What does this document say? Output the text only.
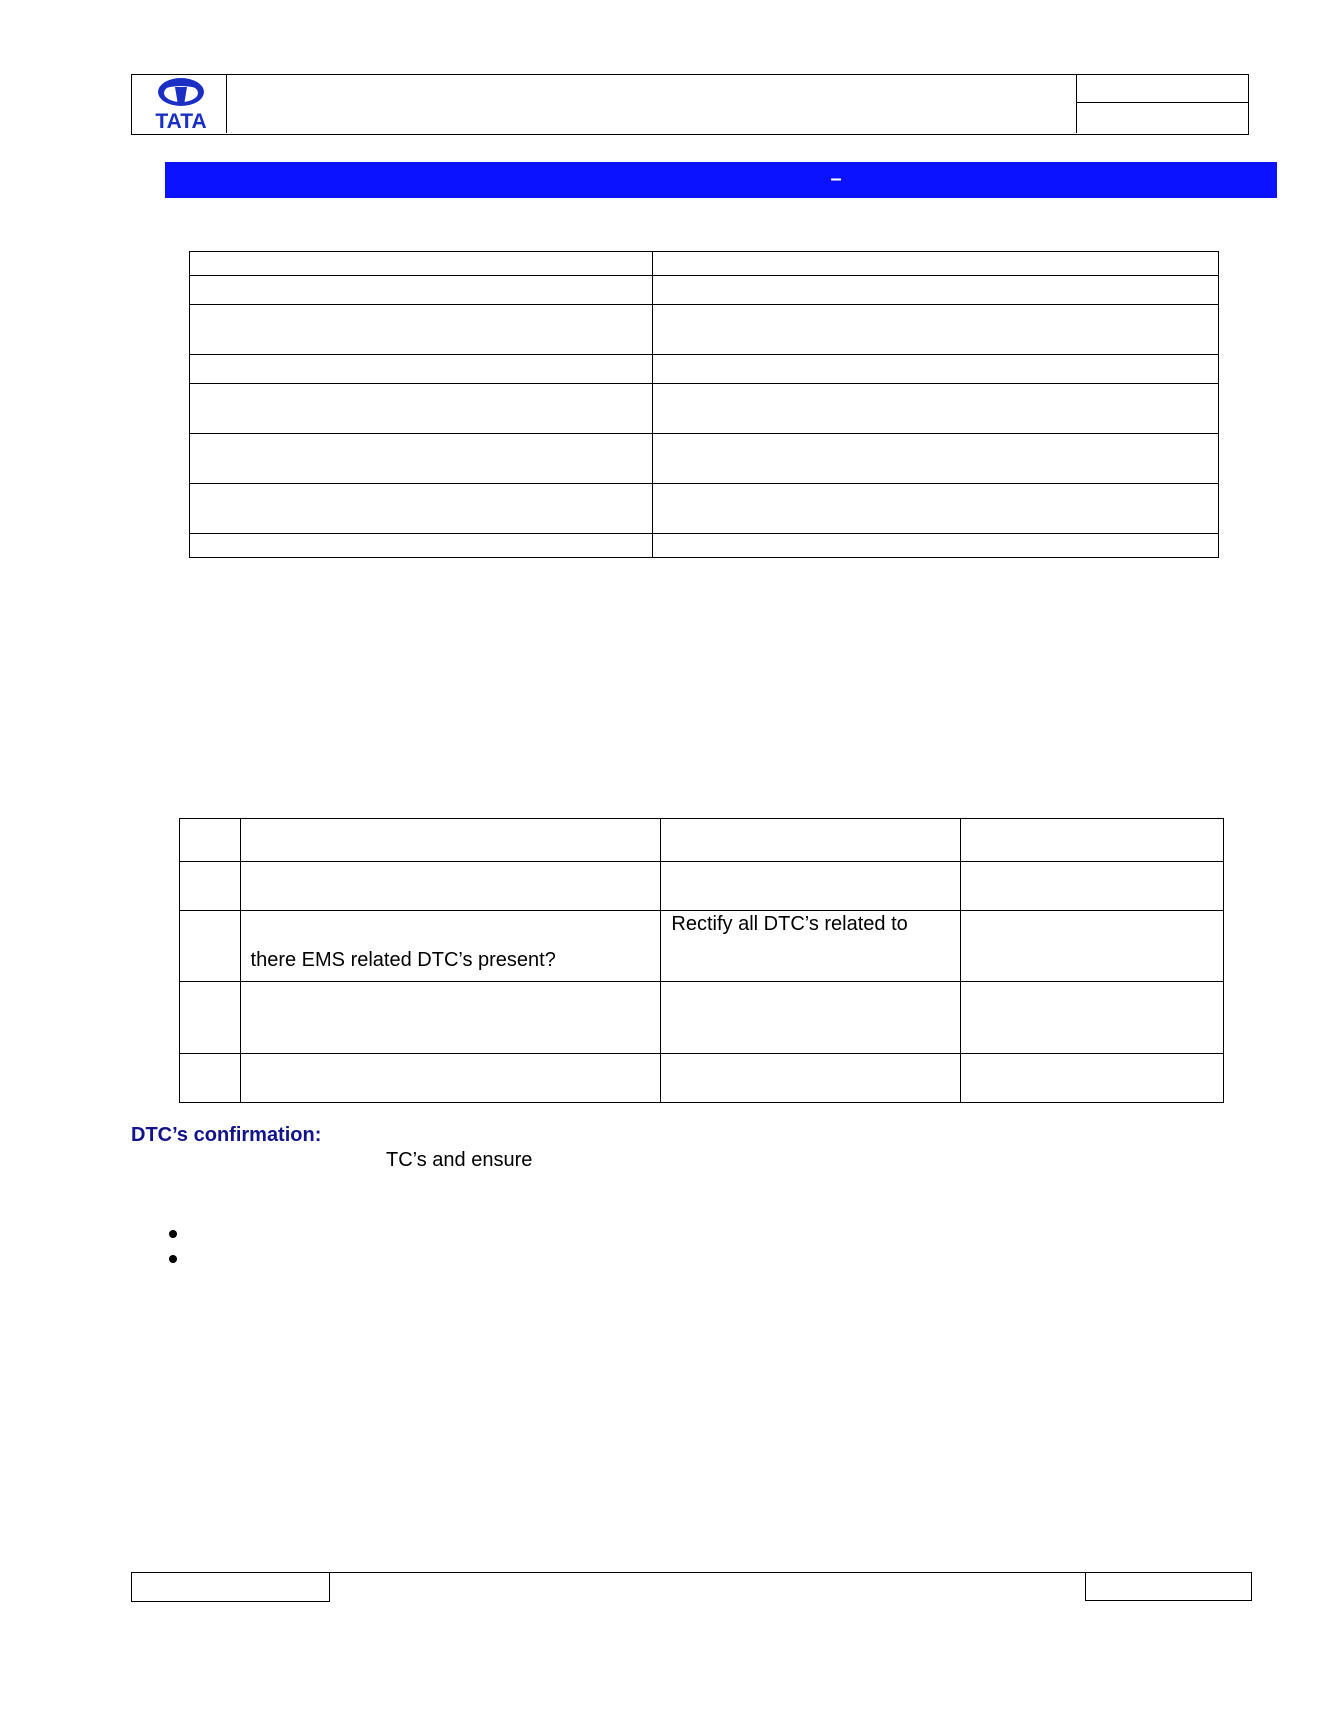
TATA
–

	there EMS related DTC’s present?	Rectify all DTC’s related to	

DTC’s confirmation:
TC’s and ensure
